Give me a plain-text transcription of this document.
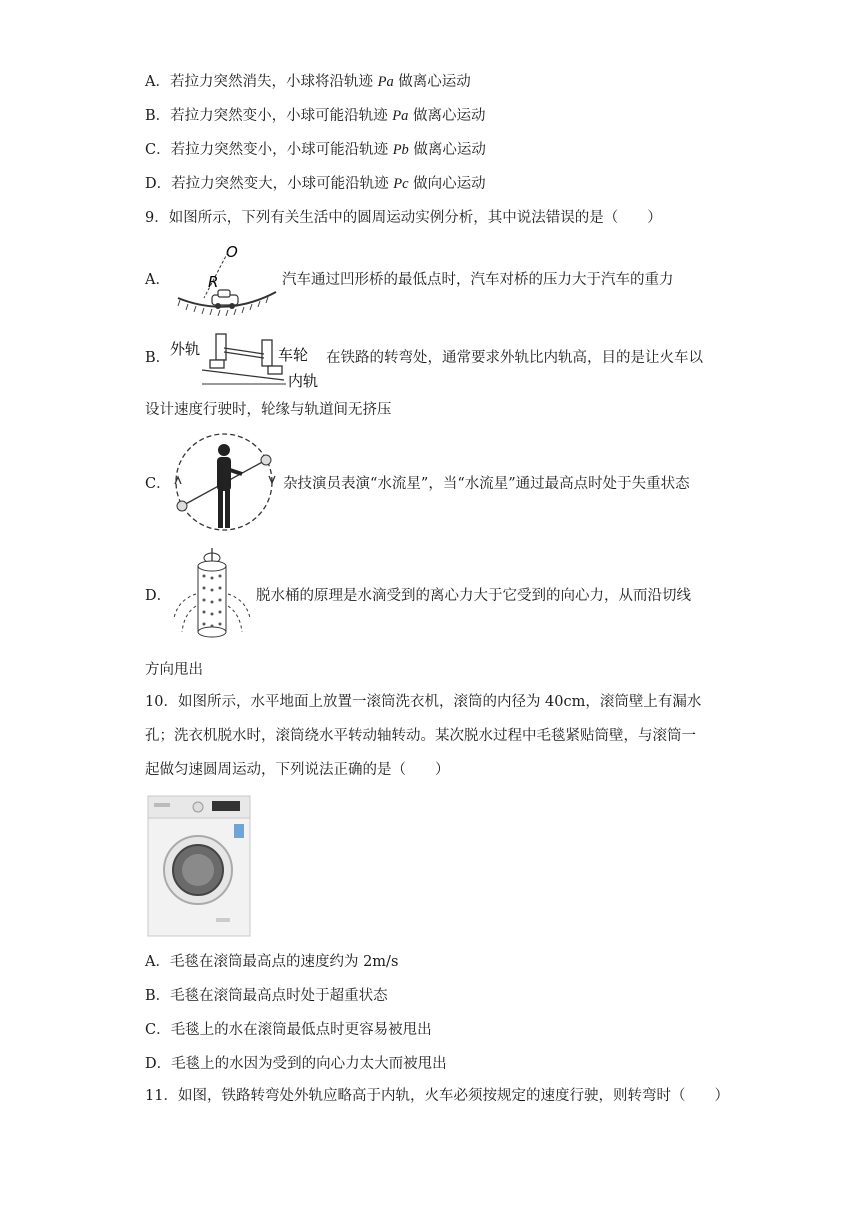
A．若拉力突然消失，小球将沿轨迹 Pa 做离心运动
B．若拉力突然变小，小球可能沿轨迹 Pa 做离心运动
C．若拉力突然变小，小球可能沿轨迹 Pb 做离心运动
D．若拉力突然变大，小球可能沿轨迹 Pc 做向心运动
9．如图所示，下列有关生活中的圆周运动实例分析，其中说法错误的是（　　）
A．
O
R	汽车通过凹形桥的最低点时，汽车对桥的压力大于汽车的重力
B． 外轨	车轮
内轨
在铁路的转弯处，通常要求外轨比内轨高，目的是让火车以
设计速度行驶时，轮缘与轨道间无挤压
C．	杂技演员表演“水流星”，当“水流星”通过最高点时处于失重状态
D．	脱水桶的原理是水滴受到的离心力大于它受到的向心力，从而沿切线
方向甩出
10．如图所示，水平地面上放置一滚筒洗衣机，滚筒的内径为 40cm，滚筒壁上有漏水
孔；洗衣机脱水时，滚筒绕水平转动轴转动。某次脱水过程中毛毯紧贴筒壁，与滚筒一
起做匀速圆周运动，下列说法正确的是（　　）
A．毛毯在滚筒最高点的速度约为 2m/s
B．毛毯在滚筒最高点时处于超重状态
C．毛毯上的水在滚筒最低点时更容易被甩出
D．毛毯上的水因为受到的向心力太大而被甩出
11．如图，铁路转弯处外轨应略高于内轨，火车必须按规定的速度行驶，则转弯时（　　）
